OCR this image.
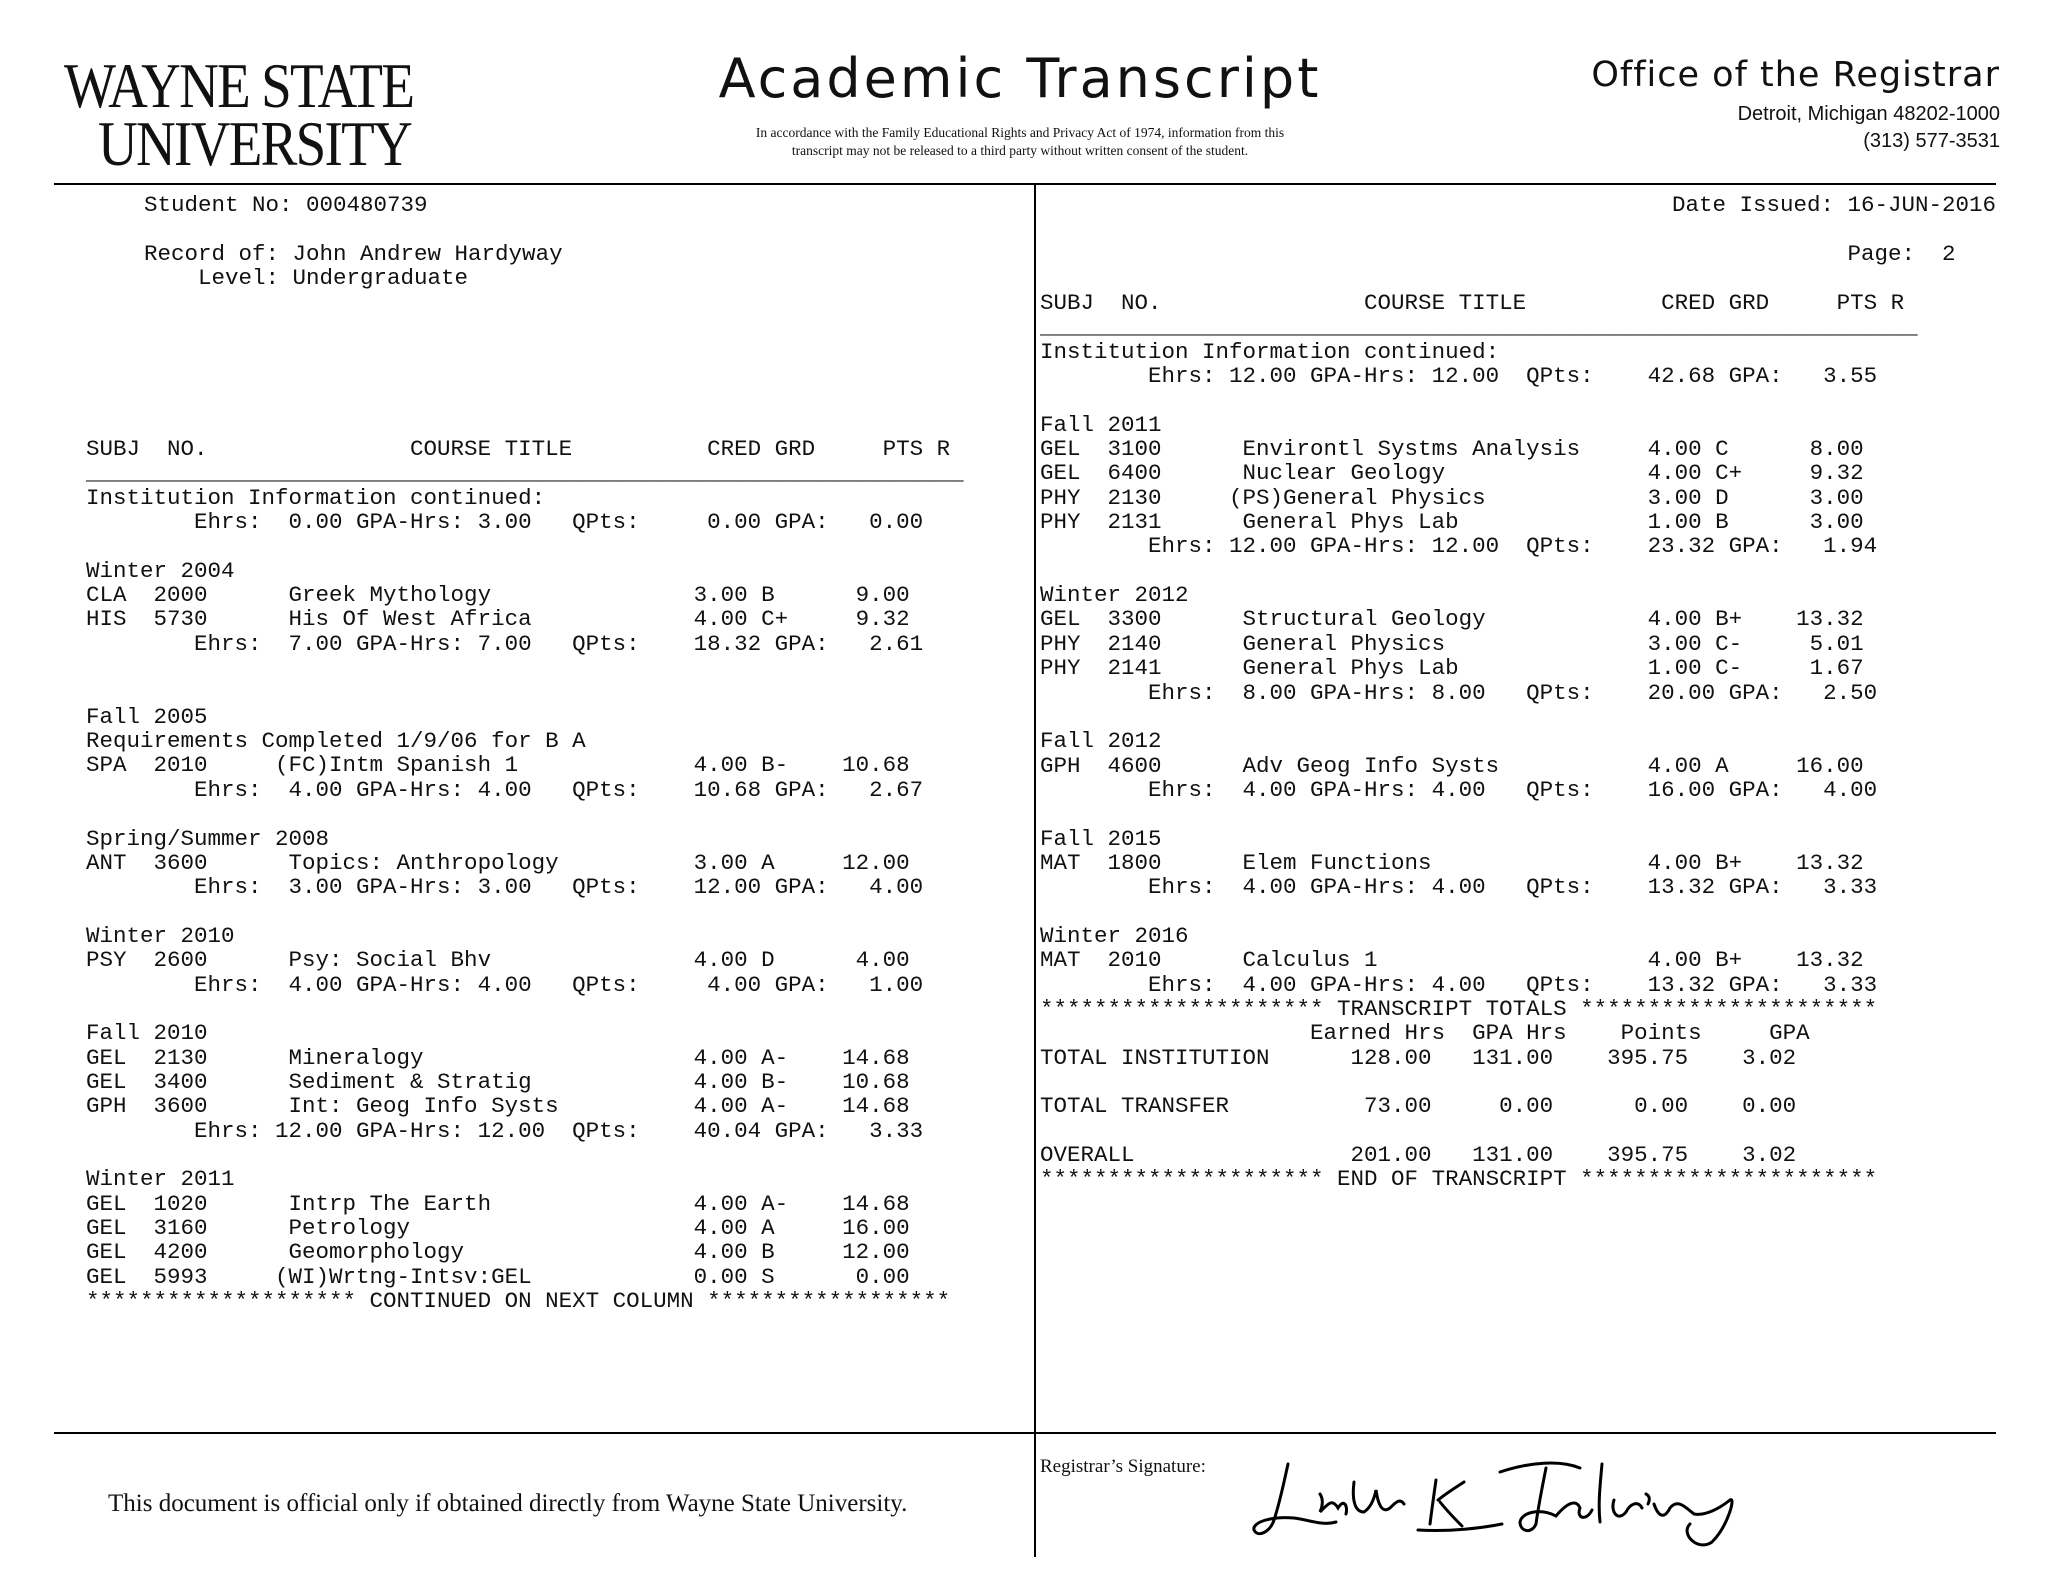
WAYNE STATE
UNIVERSITY
Academic Transcript
In accordance with the Family Educational Rights and Privacy Act of 1974, information from this
transcript may not be released to a third party without written consent of the student.
Office of the Registrar
Detroit, Michigan 48202-1000
(313) 577-3531
Student No: 000480739
Record of: John Andrew Hardyway
Level: Undergraduate
Date Issued: 16-JUN-2016
Page:  2
SUBJ  NO.               COURSE TITLE          CRED GRD     PTS R
_________________________________________________________________
Institution Information continued:
Ehrs:  0.00 GPA-Hrs: 3.00   QPts:     0.00 GPA:   0.00

Winter 2004
CLA  2000      Greek Mythology               3.00 B      9.00
HIS  5730      His Of West Africa            4.00 C+     9.32
Ehrs:  7.00 GPA-Hrs: 7.00   QPts:    18.32 GPA:   2.61

Fall 2005
Requirements Completed 1/9/06 for B A
SPA  2010     (FC)Intm Spanish 1             4.00 B-    10.68
Ehrs:  4.00 GPA-Hrs: 4.00   QPts:    10.68 GPA:   2.67

Spring/Summer 2008
ANT  3600      Topics: Anthropology          3.00 A     12.00
Ehrs:  3.00 GPA-Hrs: 3.00   QPts:    12.00 GPA:   4.00

Winter 2010
PSY  2600      Psy: Social Bhv               4.00 D      4.00
Ehrs:  4.00 GPA-Hrs: 4.00   QPts:     4.00 GPA:   1.00

Fall 2010
GEL  2130      Mineralogy                    4.00 A-    14.68
GEL  3400      Sediment & Stratig            4.00 B-    10.68
GPH  3600      Int: Geog Info Systs          4.00 A-    14.68
Ehrs: 12.00 GPA-Hrs: 12.00  QPts:    40.04 GPA:   3.33

Winter 2011
GEL  1020      Intrp The Earth               4.00 A-    14.68
GEL  3160      Petrology                     4.00 A     16.00
GEL  4200      Geomorphology                 4.00 B     12.00
GEL  5993     (WI)Wrtng-Intsv:GEL            0.00 S      0.00
******************** CONTINUED ON NEXT COLUMN ******************
SUBJ  NO.               COURSE TITLE          CRED GRD     PTS R
_________________________________________________________________
Institution Information continued:
Ehrs: 12.00 GPA-Hrs: 12.00  QPts:    42.68 GPA:   3.55

Fall 2011
GEL  3100      Environtl Systms Analysis     4.00 C      8.00
GEL  6400      Nuclear Geology               4.00 C+     9.32
PHY  2130     (PS)General Physics            3.00 D      3.00
PHY  2131      General Phys Lab              1.00 B      3.00
Ehrs: 12.00 GPA-Hrs: 12.00  QPts:    23.32 GPA:   1.94

Winter 2012
GEL  3300      Structural Geology            4.00 B+    13.32
PHY  2140      General Physics               3.00 C-     5.01
PHY  2141      General Phys Lab              1.00 C-     1.67
Ehrs:  8.00 GPA-Hrs: 8.00   QPts:    20.00 GPA:   2.50

Fall 2012
GPH  4600      Adv Geog Info Systs           4.00 A     16.00
Ehrs:  4.00 GPA-Hrs: 4.00   QPts:    16.00 GPA:   4.00

Fall 2015
MAT  1800      Elem Functions                4.00 B+    13.32
Ehrs:  4.00 GPA-Hrs: 4.00   QPts:    13.32 GPA:   3.33

Winter 2016
MAT  2010      Calculus 1                    4.00 B+    13.32
Ehrs:  4.00 GPA-Hrs: 4.00   QPts:    13.32 GPA:   3.33
********************* TRANSCRIPT TOTALS **********************
Earned Hrs  GPA Hrs    Points     GPA
TOTAL INSTITUTION      128.00   131.00    395.75    3.02

TOTAL TRANSFER          73.00     0.00      0.00    0.00

OVERALL                201.00   131.00    395.75    3.02
********************* END OF TRANSCRIPT **********************
This document is official only if obtained directly from Wayne State University.
Registrar’s Signature:
